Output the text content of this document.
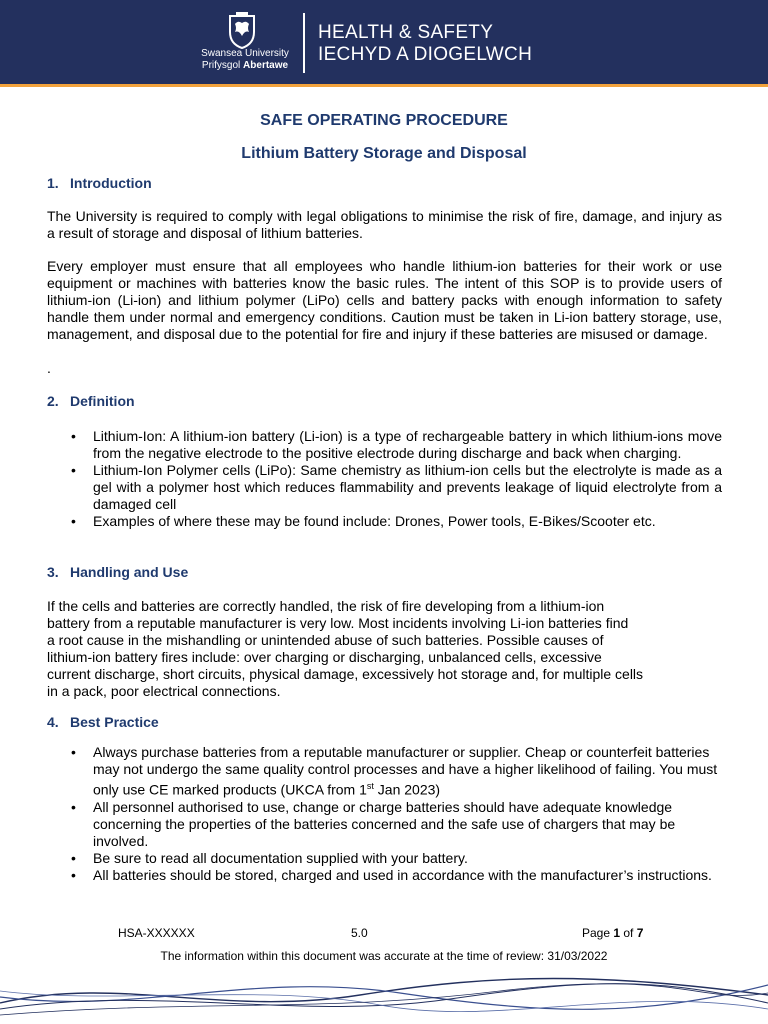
Swansea University
Prifysgol Abertawe
HEALTH & SAFETY
IECHYD A DIOGELWCH
SAFE OPERATING PROCEDURE
Lithium Battery Storage and Disposal
1. Introduction
The University is required to comply with legal obligations to minimise the risk of fire, damage, and injury as a result of storage and disposal of lithium batteries.
Every employer must ensure that all employees who handle lithium-ion batteries for their work or use equipment or machines with batteries know the basic rules. The intent of this SOP is to provide users of lithium-ion (Li-ion) and lithium polymer (LiPo) cells and battery packs with enough information to safety handle them under normal and emergency conditions. Caution must be taken in Li-ion battery storage, use, management, and disposal due to the potential for fire and injury if these batteries are misused or damage.
.
2. Definition
• Lithium-Ion: A lithium-ion battery (Li-ion) is a type of rechargeable battery in which lithium-ions move from the negative electrode to the positive electrode during discharge and back when charging.
• Lithium-Ion Polymer cells (LiPo): Same chemistry as lithium-ion cells but the electrolyte is made as a gel with a polymer host which reduces flammability and prevents leakage of liquid electrolyte from a damaged cell
• Examples of where these may be found include: Drones, Power tools, E-Bikes/Scooter etc.
3. Handling and Use
If the cells and batteries are correctly handled, the risk of fire developing from a lithium-ion
battery from a reputable manufacturer is very low. Most incidents involving Li-ion batteries find
a root cause in the mishandling or unintended abuse of such batteries. Possible causes of
lithium-ion battery fires include: over charging or discharging, unbalanced cells, excessive
current discharge, short circuits, physical damage, excessively hot storage and, for multiple cells
in a pack, poor electrical connections.
4. Best Practice
• Always purchase batteries from a reputable manufacturer or supplier. Cheap or counterfeit batteries may not undergo the same quality control processes and have a higher likelihood of failing. You must only use CE marked products (UKCA from 1st Jan 2023)
• All personnel authorised to use, change or charge batteries should have adequate knowledge concerning the properties of the batteries concerned and the safe use of chargers that may be involved.
• Be sure to read all documentation supplied with your battery.
• All batteries should be stored, charged and used in accordance with the manufacturer’s instructions.
HSA-XXXXXX	5.0	Page 1 of 7
The information within this document was accurate at the time of review: 31/03/2022
